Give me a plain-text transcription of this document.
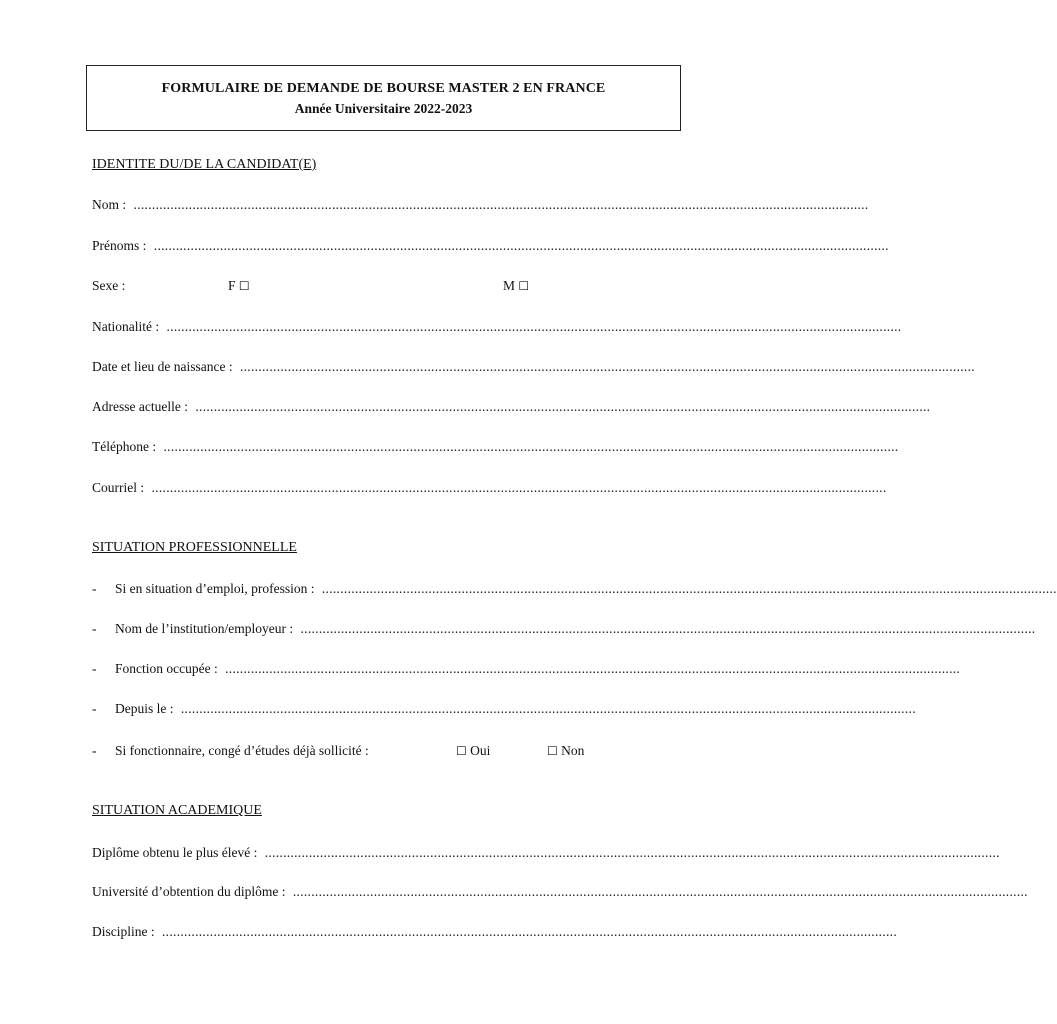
FORMULAIRE DE DEMANDE DE BOURSE MASTER 2 EN FRANCE
Année Universitaire 2022-2023
IDENTITE DU/DE LA CANDIDAT(E)
Nom : ........................................................................................................................................................................................................
Prénoms : ........................................................................................................................................................................................................
Sexe :	F ☐	M ☐
Nationalité : ........................................................................................................................................................................................................
Date et lieu de naissance : ........................................................................................................................................................................................................
Adresse actuelle : ........................................................................................................................................................................................................
Téléphone : ........................................................................................................................................................................................................
Courriel : ........................................................................................................................................................................................................
SITUATION PROFESSIONNELLE
- Si en situation d’emploi, profession : ........................................................................................................................................................................................................
- Nom de l’institution/employeur : ........................................................................................................................................................................................................
- Fonction occupée : ........................................................................................................................................................................................................
- Depuis le : ........................................................................................................................................................................................................
- Si fonctionnaire, congé d’études déjà sollicité :	☐ Oui	☐ Non
SITUATION ACADEMIQUE
Diplôme obtenu le plus élevé : ........................................................................................................................................................................................................
Université d’obtention du diplôme : ........................................................................................................................................................................................................
Discipline : ........................................................................................................................................................................................................
